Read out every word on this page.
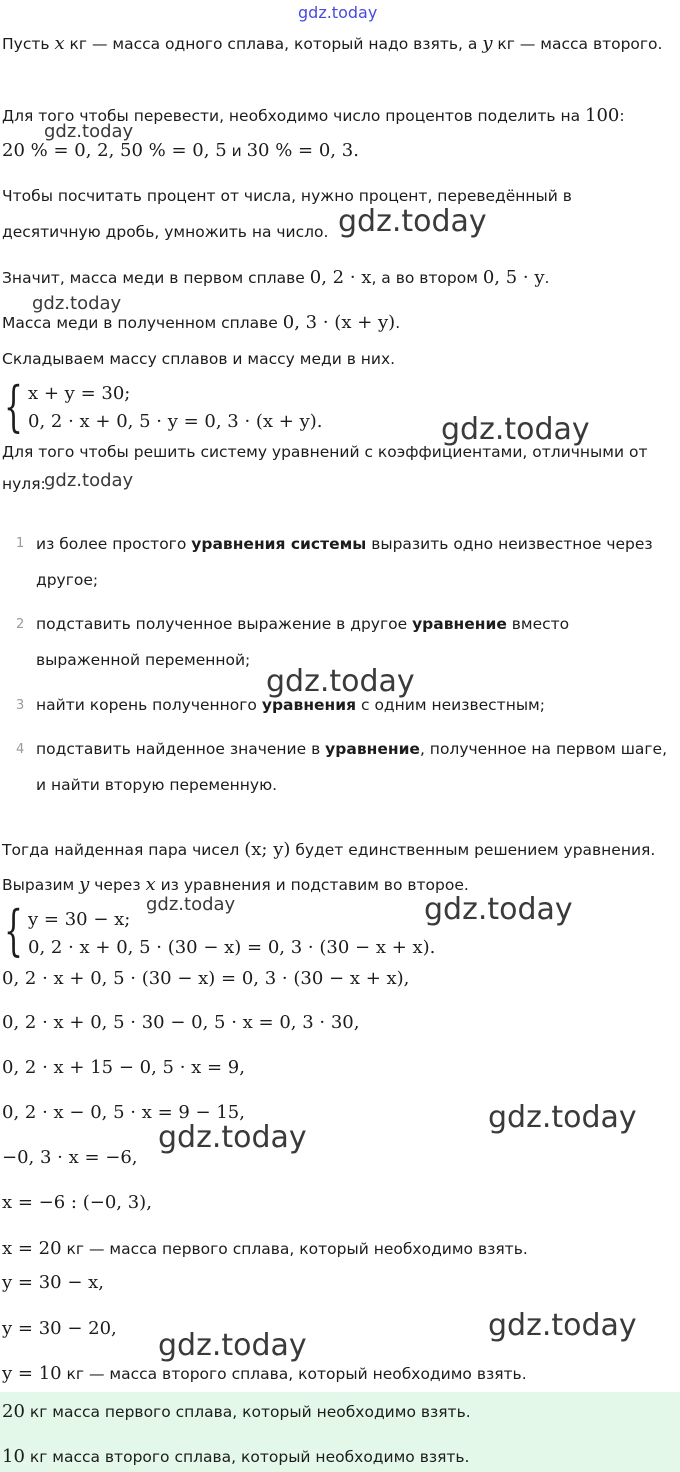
gdz.today
Пусть x кг — масса одного сплава, который надо взять, а y кг — масса второго.
Для того чтобы перевести, необходимо число процентов поделить на 100:
20 % = 0, 2, 50 % = 0, 5 и 30 % = 0, 3.
Чтобы посчитать процент от числа, нужно процент, переведённый в десятичную дробь, умножить на число.
Значит, масса меди в первом сплаве 0, 2 · x, а во втором 0, 5 · y.
Масса меди в полученном сплаве 0, 3 · (x + y).
Складываем массу сплавов и массу меди в них.
{ x + y = 30;
0, 2 · x + 0, 5 · y = 0, 3 · (x + y).
Для того чтобы решить систему уравнений с коэффициентами, отличными от нуля:
1 из более простого уравнения системы выразить одно неизвестное через другое;
2 подставить полученное выражение в другое уравнение вместо выраженной переменной;
3 найти корень полученного уравнения с одним неизвестным;
4 подставить найденное значение в уравнение, полученное на первом шаге, и найти вторую переменную.
Тогда найденная пара чисел (x; y) будет единственным решением уравнения.
Выразим y через x из уравнения и подставим во второе.
{ y = 30 − x;
0, 2 · x + 0, 5 · (30 − x) = 0, 3 · (30 − x + x).
0, 2 · x + 0, 5 · (30 − x) = 0, 3 · (30 − x + x),
0, 2 · x + 0, 5 · 30 − 0, 5 · x = 0, 3 · 30,
0, 2 · x + 15 − 0, 5 · x = 9,
0, 2 · x − 0, 5 · x = 9 − 15,
−0, 3 · x = −6,
x = −6 : (−0, 3),
x = 20 кг — масса первого сплава, который необходимо взять.
y = 30 − x,
y = 30 − 20,
y = 10 кг — масса второго сплава, который необходимо взять.
20 кг масса первого сплава, который необходимо взять.
10 кг масса второго сплава, который необходимо взять.
gdz.today
gdz.today
gdz.today
gdz.today
gdz.today
gdz.today
gdz.today	gdz.today
gdz.today
gdz.today
gdz.today
gdz.today
